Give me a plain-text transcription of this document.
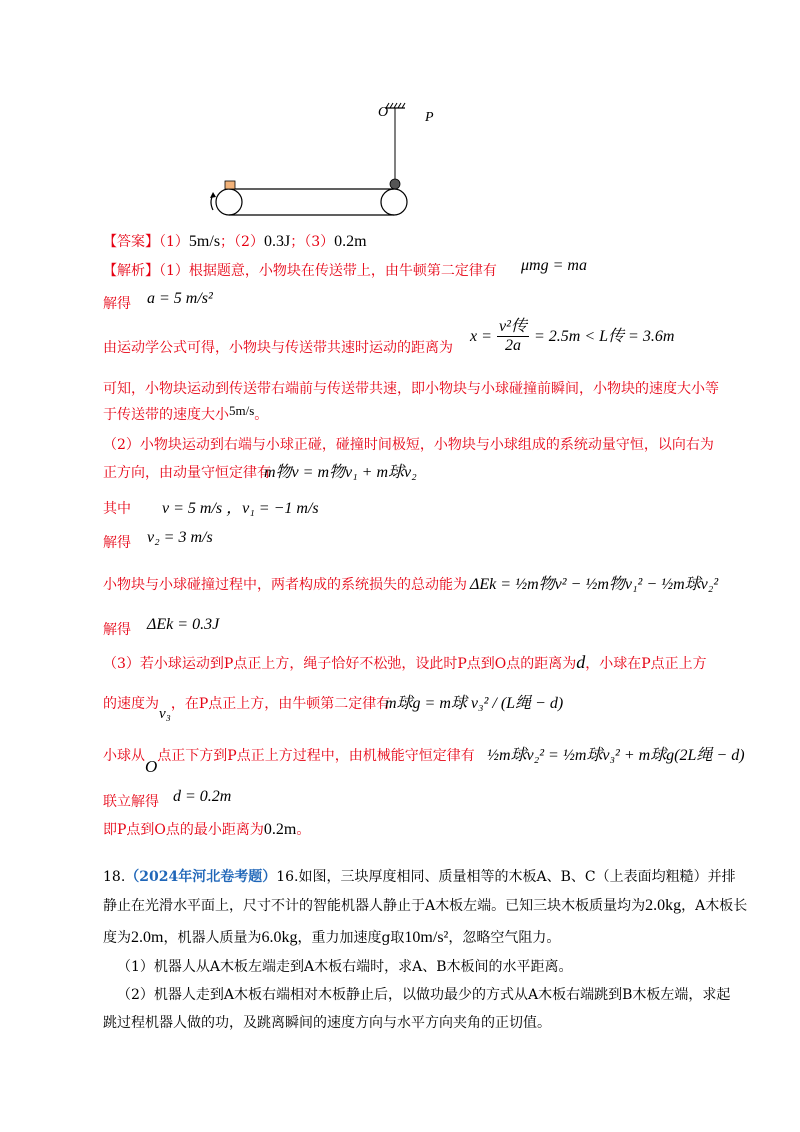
O	P
【答案】（1）5m/s；（2）0.3J；（3）0.2m
【解析】（1）根据题意，小物块在传送带上，由牛顿第二定律有 μmg = ma
解得 a = 5 m/s²
由运动学公式可得，小物块与传送带共速时运动的距离为
$x = \frac{\text{v²传}}{2a} = 2.5m < L$传 = 3.6m
可知，小物块运动到传送带右端前与传送带共速，即小物块与小球碰撞前瞬间，小物块的速度大小等
于传送带的速度大小5m/s。
（2）小物块运动到右端与小球正碰，碰撞时间极短，小物块与小球组成的系统动量守恒，以向右为
正方向，由动量守恒定律有
m物v = m物v₁ + m球v₂
其中 v = 5 m/s ，v₁ = −1 m/s
解得 v₂ = 3 m/s
小物块与小球碰撞过程中，两者构成的系统损失的总动能为 ΔEk = ½m物v² − ½m物v₁² − ½m球v₂²
解得 ΔEk = 0.3J
（3）若小球运动到P点正上方，绳子恰好不松弛，设此时P点到O点的距离为d，小球在P点正上方
的速度为v₃，在P点正上方，由牛顿第二定律有
m球g = m球 v₃² / (L绳 − d)
小球从O点正下方到P点正上方过程中，由机械能守恒定律有 ½m球v₂² = ½m球v₃² + m球g(2L绳 − d)
联立解得 d = 0.2m
即P点到O点的最小距离为0.2m。
18.（2024年河北卷考题）16.如图，三块厚度相同、质量相等的木板A、B、C（上表面均粗糙）并排
静止在光滑水平面上，尺寸不计的智能机器人静止于A木板左端。已知三块木板质量均为2.0kg，A木板长
度为2.0m，机器人质量为6.0kg，重力加速度g取10m/s²，忽略空气阻力。
（1）机器人从A木板左端走到A木板右端时，求A、B木板间的水平距离。
（2）机器人走到A木板右端相对木板静止后，以做功最少的方式从A木板右端跳到B木板左端，求起
跳过程机器人做的功，及跳离瞬间的速度方向与水平方向夹角的正切值。
